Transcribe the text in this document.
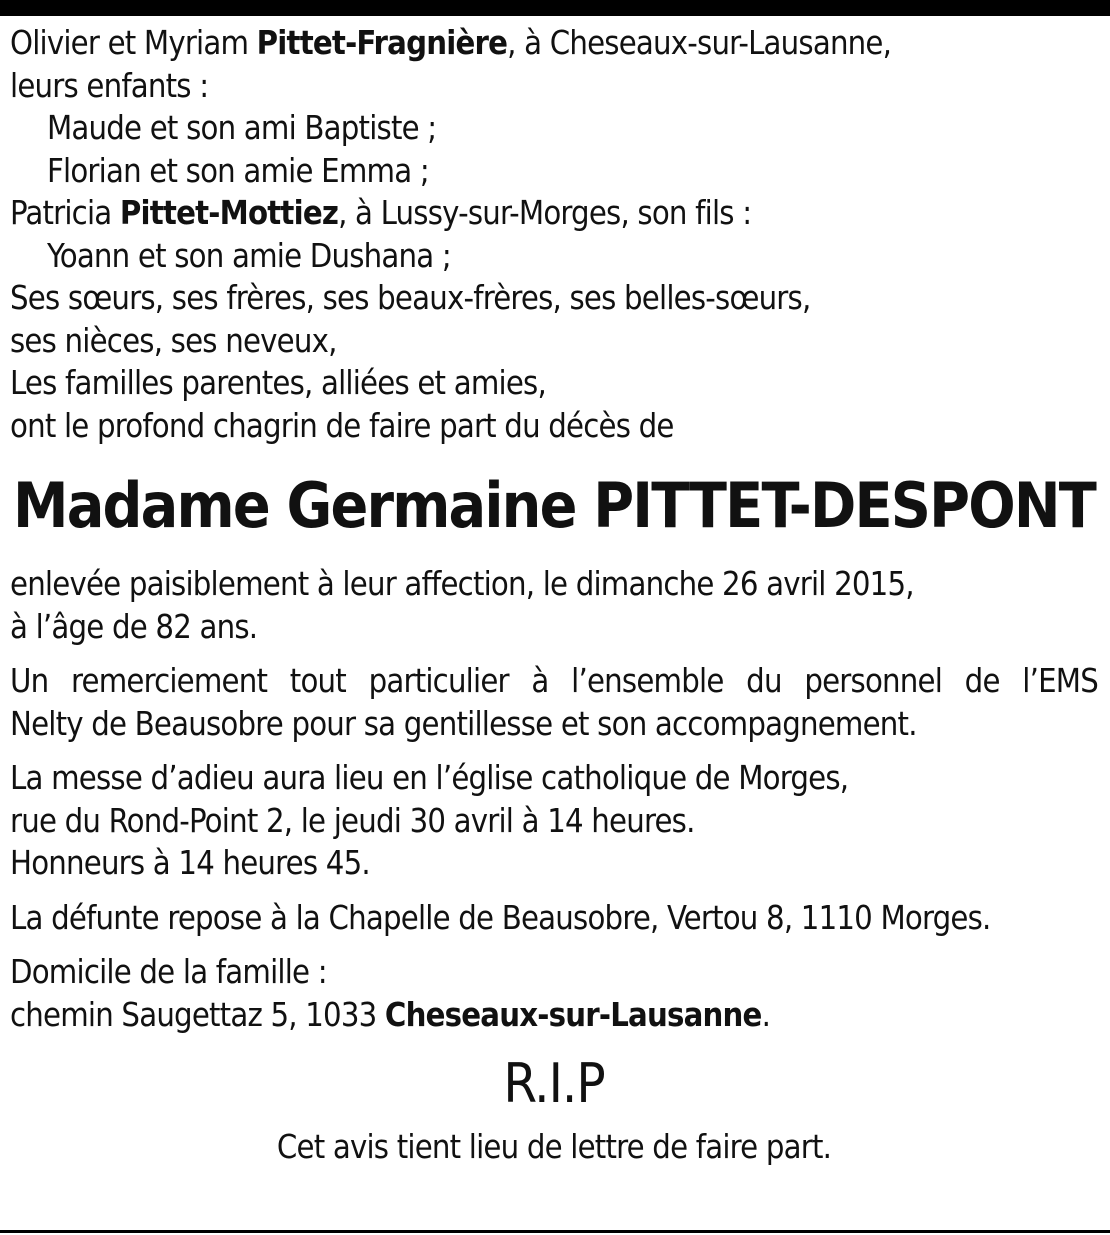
Olivier et Myriam Pittet-Fragnière, à Cheseaux-sur-Lausanne,
leurs enfants :
Maude et son ami Baptiste ;
Florian et son amie Emma ;
Patricia Pittet-Mottiez, à Lussy-sur-Morges, son fils :
Yoann et son amie Dushana ;
Ses sœurs, ses frères, ses beaux-frères, ses belles-sœurs,
ses nièces, ses neveux,
Les familles parentes, alliées et amies,
ont le profond chagrin de faire part du décès de
Madame Germaine PITTET-DESPONT
enlevée paisiblement à leur affection, le dimanche 26 avril 2015,
à l’âge de 82 ans.
Un remerciement tout particulier à l’ensemble du personnel de l’EMS
Nelty de Beausobre pour sa gentillesse et son accompagnement.
La messe d’adieu aura lieu en l’église catholique de Morges,
rue du Rond-Point 2, le jeudi 30 avril à 14 heures.
Honneurs à 14 heures 45.
La défunte repose à la Chapelle de Beausobre, Vertou 8, 1110 Morges.
Domicile de la famille :
chemin Saugettaz 5, 1033 Cheseaux-sur-Lausanne.
R.I.P
Cet avis tient lieu de lettre de faire part.
